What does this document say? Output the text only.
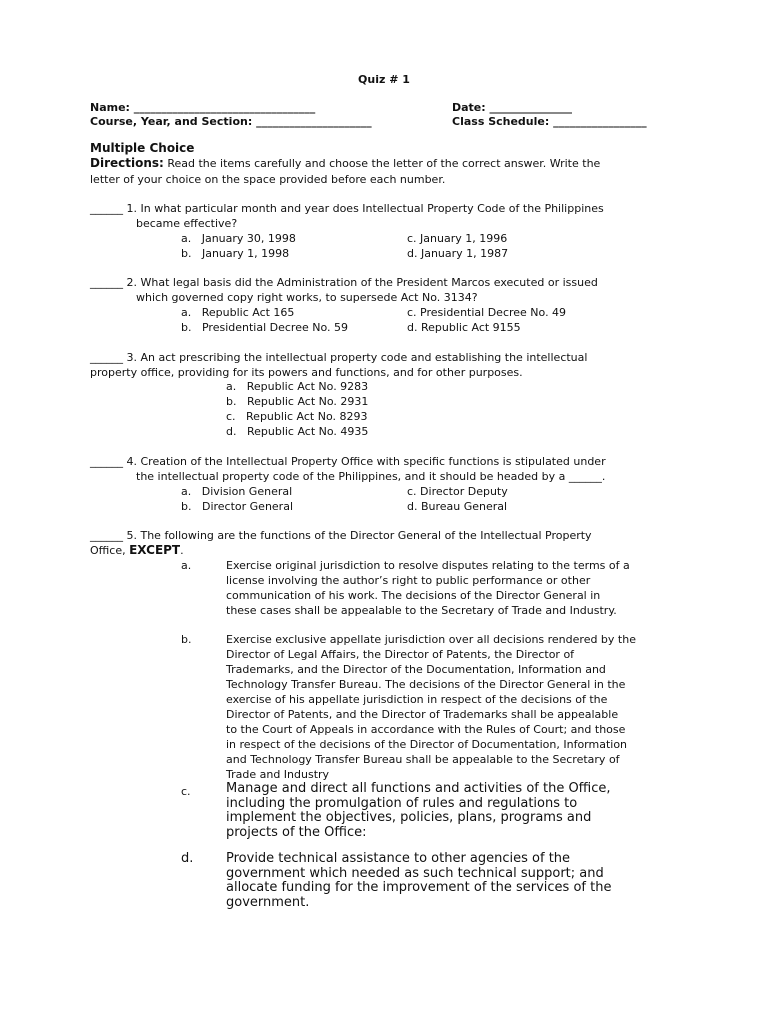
Quiz # 1
Name: _________________________________	Date: _______________
Course, Year, and Section: _____________________	Class Schedule: _________________
Multiple Choice
Directions: Read the items carefully and choose the letter of the correct answer. Write the
letter of your choice on the space provided before each number.
______ 1. In what particular month and year does Intellectual Property Code of the Philippines
became effective?
a.   January 30, 1998	c. January 1, 1996
b.   January 1, 1998	d. January 1, 1987
______ 2. What legal basis did the Administration of the President Marcos executed or issued
which governed copy right works, to supersede Act No. 3134?
a.   Republic Act 165	c. Presidential Decree No. 49
b.   Presidential Decree No. 59	d. Republic Act 9155
______ 3. An act prescribing the intellectual property code and establishing the intellectual
property office, providing for its powers and functions, and for other purposes.
a.   Republic Act No. 9283
b.   Republic Act No. 2931
c.   Republic Act No. 8293
d.   Republic Act No. 4935
______ 4. Creation of the Intellectual Property Office with specific functions is stipulated under
the intellectual property code of the Philippines, and it should be headed by a ______.
a.   Division General	c. Director Deputy
b.   Director General	d. Bureau General
______ 5. The following are the functions of the Director General of the Intellectual Property
Office, EXCEPT.
a.	Exercise original jurisdiction to resolve disputes relating to the terms of a
license involving the author’s right to public performance or other
communication of his work. The decisions of the Director General in
these cases shall be appealable to the Secretary of Trade and Industry.
b.	Exercise exclusive appellate jurisdiction over all decisions rendered by the
Director of Legal Affairs, the Director of Patents, the Director of
Trademarks, and the Director of the Documentation, Information and
Technology Transfer Bureau. The decisions of the Director General in the
exercise of his appellate jurisdiction in respect of the decisions of the
Director of Patents, and the Director of Trademarks shall be appealable
to the Court of Appeals in accordance with the Rules of Court; and those
in respect of the decisions of the Director of Documentation, Information
and Technology Transfer Bureau shall be appealable to the Secretary of
Trade and Industry
c.	Manage and direct all functions and activities of the Office,
including the promulgation of rules and regulations to
implement the objectives, policies, plans, programs and
projects of the Office:
d.	Provide technical assistance to other agencies of the
government which needed as such technical support; and
allocate funding for the improvement of the services of the
government.
